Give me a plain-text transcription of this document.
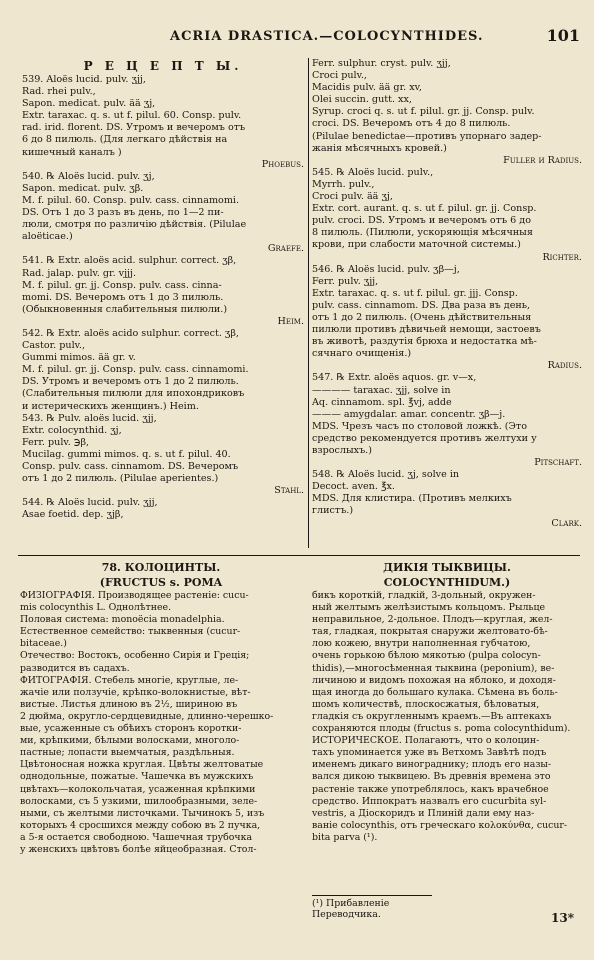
ACRIA DRASTICA.—COLOCYNTHIDES.	101

Р Е Ц Е П Т Ы.

539. Aloës lucid. pulv. ʒjj,

Rad. rhei pulv.,

Sapon. medicat. pulv. ää ʒj,

Extr. taraxac. q. s. ut f. pilul. 60. Consp. pulv.

rad. irid. florent. DS. Утромъ и вечеромъ отъ

6 до 8 пилюль. (Для легкаго дѣйствія на

кишечный каналъ )

Phoebus.

540. ℞ Aloës lucid. pulv. ʒj,

Sapon. medicat. pulv. ʒβ.

M. f. pilul. 60. Consp. pulv. cass. cinnamomi.

DS. Отъ 1 до 3 разъ въ день, по 1—2 пи-

люли, смотря по различію дѣйствія. (Pilulae

aloëticae.)

Graefe.

541. ℞ Extr. aloës acid. sulphur. correct. ʒβ,

Rad. jalap. pulv. gr. vjjj.

M. f. pilul. gr. jj. Consp. pulv. cass. cinna-

momi. DS. Вечеромъ отъ 1 до 3 пилюль.

(Обыкновенныя слабительныя пилюли.)

Heim.

542. ℞ Extr. aloës acido sulphur. correct. ʒβ,

Castor. pulv.,

Gummi mimos. ää gr. v.

M. f. pilul. gr. jj. Consp. pulv. cass. cinnamomi.

DS. Утромъ и вечеромъ отъ 1 до 2 пилюль.

(Слабительныя пилюли для ипохондриковъ

и истерическихъ женщинъ.) Heim.

543. ℞ Pulv. aloës lucid. ʒjj,

Extr. colocynthid. ʒj,

Ferr. pulv. ℈β,

Mucilag. gummi mimos. q. s. ut f. pilul. 40.

Consp. pulv. cass. cinnamom. DS. Вечеромъ

отъ 1 до 2 пилюль. (Pilulae aperientes.)

Stahl.

544. ℞ Aloës lucid. pulv. ʒjj,

Asae foetid. dep. ʒjβ,

Ferr. sulphur. cryst. pulv. ʒjj,

Croci pulv.,

Macidis pulv. ää gr. xv,

Olei succin. gutt. xx,

Syrup. croci q. s. ut f. pilul. gr. jj. Consp. pulv.

croci. DS. Вечеромъ отъ 4 до 8 пилюль.

(Pilulae benedictae—противъ упорнаго задер-

жанія мѣсячныхъ кровей.)

Fuller и Radius.

545. ℞ Aloës lucid. pulv.,

Myrrh. pulv.,

Croci pulv. ää ʒj,

Extr. cort. aurant. q. s. ut f. pilul. gr. jj. Consp.

pulv. croci. DS. Утромъ и вечеромъ отъ 6 до

8 пилюль. (Пилюли, ускоряющія мѣсячныя

крови, при слабости маточной системы.)

Richter.

546. ℞ Aloës lucid. pulv. ʒβ—j,

Ferr. pulv. ʒjj,

Extr. taraxac. q. s. ut f. pilul. gr. jjj. Consp.

pulv. cass. cinnamom. DS. Два раза въ день,

отъ 1 до 2 пилюль. (Очень дѣйствительныя

пилюли противъ дѣвичьей немощи, застоевъ

въ животѣ, раздутія брюха и недостатка мѣ-

сячнаго очищенія.)

Radius.

547. ℞ Extr. aloës aquos. gr. v—x,

———— taraxac. ʒjj, solve in

Aq. cinnamom. spl. ℥vj, adde

——— amygdalar. amar. concentr. ʒβ—j.

MDS. Чрезъ часъ по столовой ложкѣ. (Это

средство рекомендуется противъ желтухи у

взрослыхъ.)

Pitschaft.

548. ℞ Aloës lucid. ʒj, solve in

Decoct. aven. ℥x.

MDS. Для клистира. (Противъ мелкихъ

глистъ.)

Clark.

78. КОЛОЦИНТЫ.

(FRUCTUS s. POMA

ФИЗІОГРАФІЯ. Производящее растеніе: cucu-

mis colocynthis L. Однолѣтнее.

Половая система: monoëcia monadelphia.

Естественное семейство: тыквенныя (cucur-

bitaceae.)

Отечество: Востокъ, особенно Сирія и Греція;

разводится въ садахъ.

ФИТОГРАФІЯ. Стебель многіе, круглые, ле-

жачіе или ползучіе, крѣпко-волокнистые, вѣт-

вистые. Листья длиною въ 2½, шириною въ

2 дюйма, округло-сердцевидные, длинно-черешко-

вые, усаженные съ обѣихъ сторонъ коротки-

ми, крѣпкими, бѣлыми волосками, многоло-

пастные; лопасти выемчатыя, раздѣльныя.

Цвѣтоносная ножка круглая. Цвѣты желтоватые

однодольные, пожатые. Чашечка въ мужскихъ

цвѣтахъ—колокольчатая, усаженная крѣпкими

волосками, съ 5 узкими, шилообразными, зеле-

ными, съ желтыми листочками. Тычинокъ 5, изъ

которыхъ 4 сросшихся между собою въ 2 пучка,

а 5-я остается свободною. Чашечная трубочка

у женскихъ цвѣтовъ болѣе яйцеобразная. Стол-

ДИКІЯ ТЫКВИЦЫ.

COLOCYNTHIDUM.)

бикъ короткій, гладкій, 3-дольный, окружен-

ный желтымъ желѣзистымъ кольцомъ. Рыльце

неправильное, 2-дольное. Плодъ—круглая, жел-

тая, гладкая, покрытая снаружи желтовато-бѣ-

лою кожею, внутри наполненная губчатою,

очень горькою бѣлою мякотью (pulpa colocyn-

thidis),—многосѣменная тыквина (peponium), ве-

личиною и видомъ похожая на яблоко, и доходя-

щая иногда до большаго кулака. Сѣмена въ боль-

шомъ количествѣ, плоскосжатыя, бѣловатыя,

гладкія съ округленнымъ краемъ.—Въ аптекахъ

сохраняются плоды (fructus s. poma colocynthidum).

ИСТОРИЧЕСКОЕ. Полагаютъ, что о колоцин-

тахъ упоминается уже въ Ветхомъ Завѣтѣ подъ

именемъ дикаго винограднику; плодъ его назы-

вался дикою тыквицею. Въ древнія времена это

растеніе также употреблялось, какъ врачебное

средство. Иппократъ назвалъ его cucurbita syl-

vestris, а Діоскоридъ и Плиній дали ему наз-

ваніе colocynthis, отъ греческаго κολοκύνθα, cucur-

bita parva (¹).

(¹) Прибавленіе Переводчика.	13*
